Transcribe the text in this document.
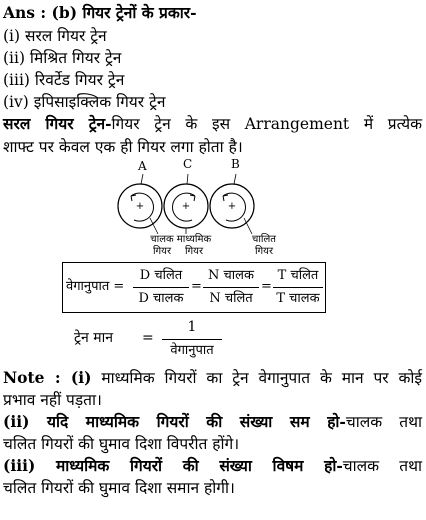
Ans : (b) गियर ट्रेनों के प्रकार-
(i) सरल गियर ट्रेन
(ii) मिश्रित गियर ट्रेन
(iii) रिवर्टेड गियर ट्रेन
(iv) इपिसाइक्लिक गियर ट्रेन
सरल गियर ट्रेन-गियर ट्रेन के इस Arrangement में प्रत्येक
शाफ्ट पर केवल एक ही गियर लगा होता है।
+	+	+
A	C	B
चालक
गियर
माध्यमिक
गियर
चालित
गियर
वेगानुपात =
D चलित
D चालक
=
N चालक
N चलित
=
T चलित
T चालक
ट्रेन मान =
1
वेगानुपात
Note : (i) माध्यमिक गियरों का ट्रेन वेगानुपात के मान पर कोई
प्रभाव नहीं पड़ता।
(ii) यदि माध्यमिक गियरों की संख्या सम हो-चालक तथा
चलित गियरों की घुमाव दिशा विपरीत होंगे।
(iii) माध्यमिक गियरों की संख्या विषम हो-चालक तथा
चलित गियरों की घुमाव दिशा समान होगी।
